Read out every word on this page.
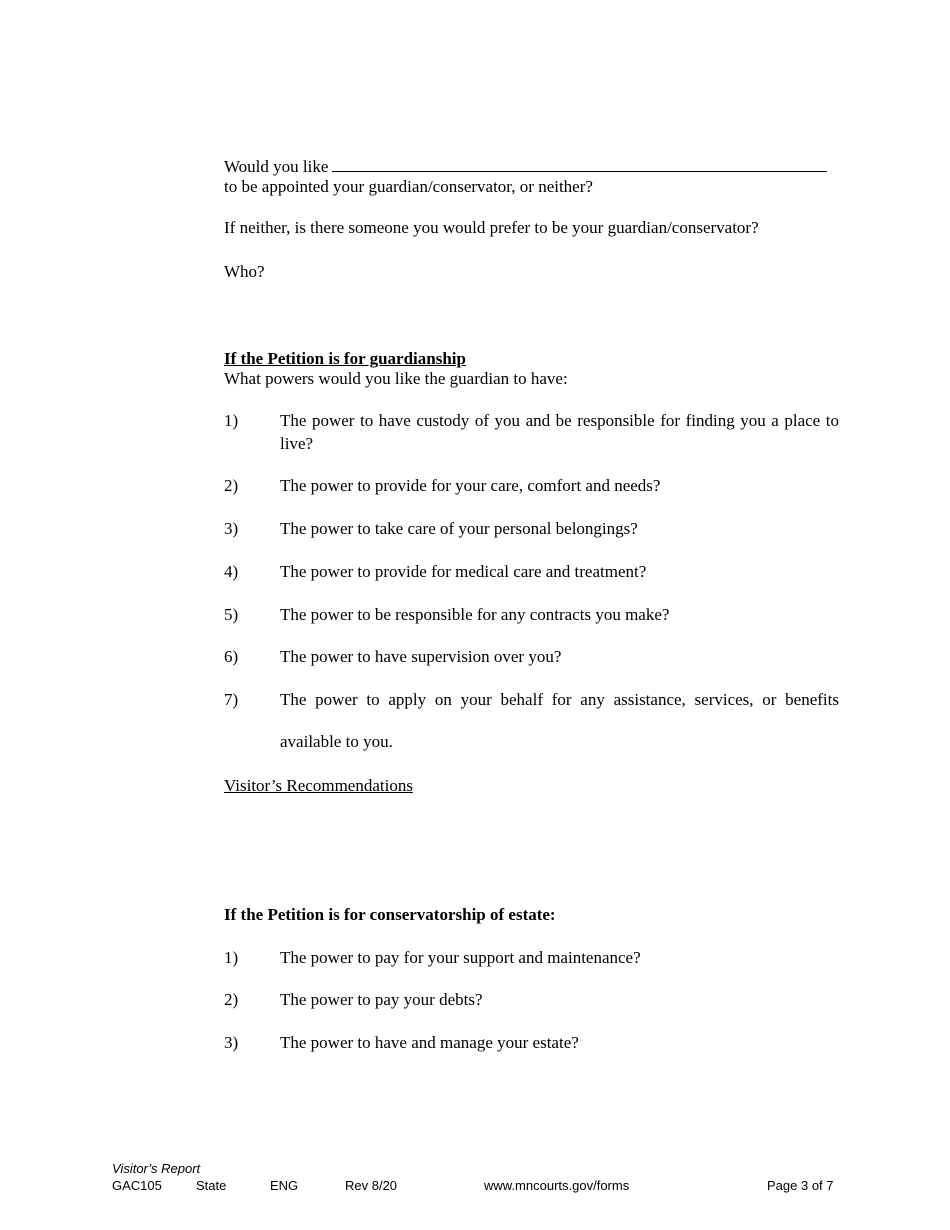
Would you like
to be appointed your guardian/conservator, or neither?
If neither, is there someone you would prefer to be your guardian/conservator?
Who?
If the Petition is for guardianship
What powers would you like the guardian to have:
1) The power to have custody of you and be responsible for finding you a place to live?
2) The power to provide for your care, comfort and needs?
3) The power to take care of your personal belongings?
4) The power to provide for medical care and treatment?
5) The power to be responsible for any contracts you make?
6) The power to have supervision over you?
7) The power to apply on your behalf for any assistance, services, or benefits
available to you.
Visitor’s Recommendations
If the Petition is for conservatorship of estate:
1) The power to pay for your support and maintenance?
2) The power to pay your debts?
3) The power to have and manage your estate?
Visitor’s Report
GAC105	State	ENG	Rev 8/20	www.mncourts.gov/forms	Page 3 of 7
